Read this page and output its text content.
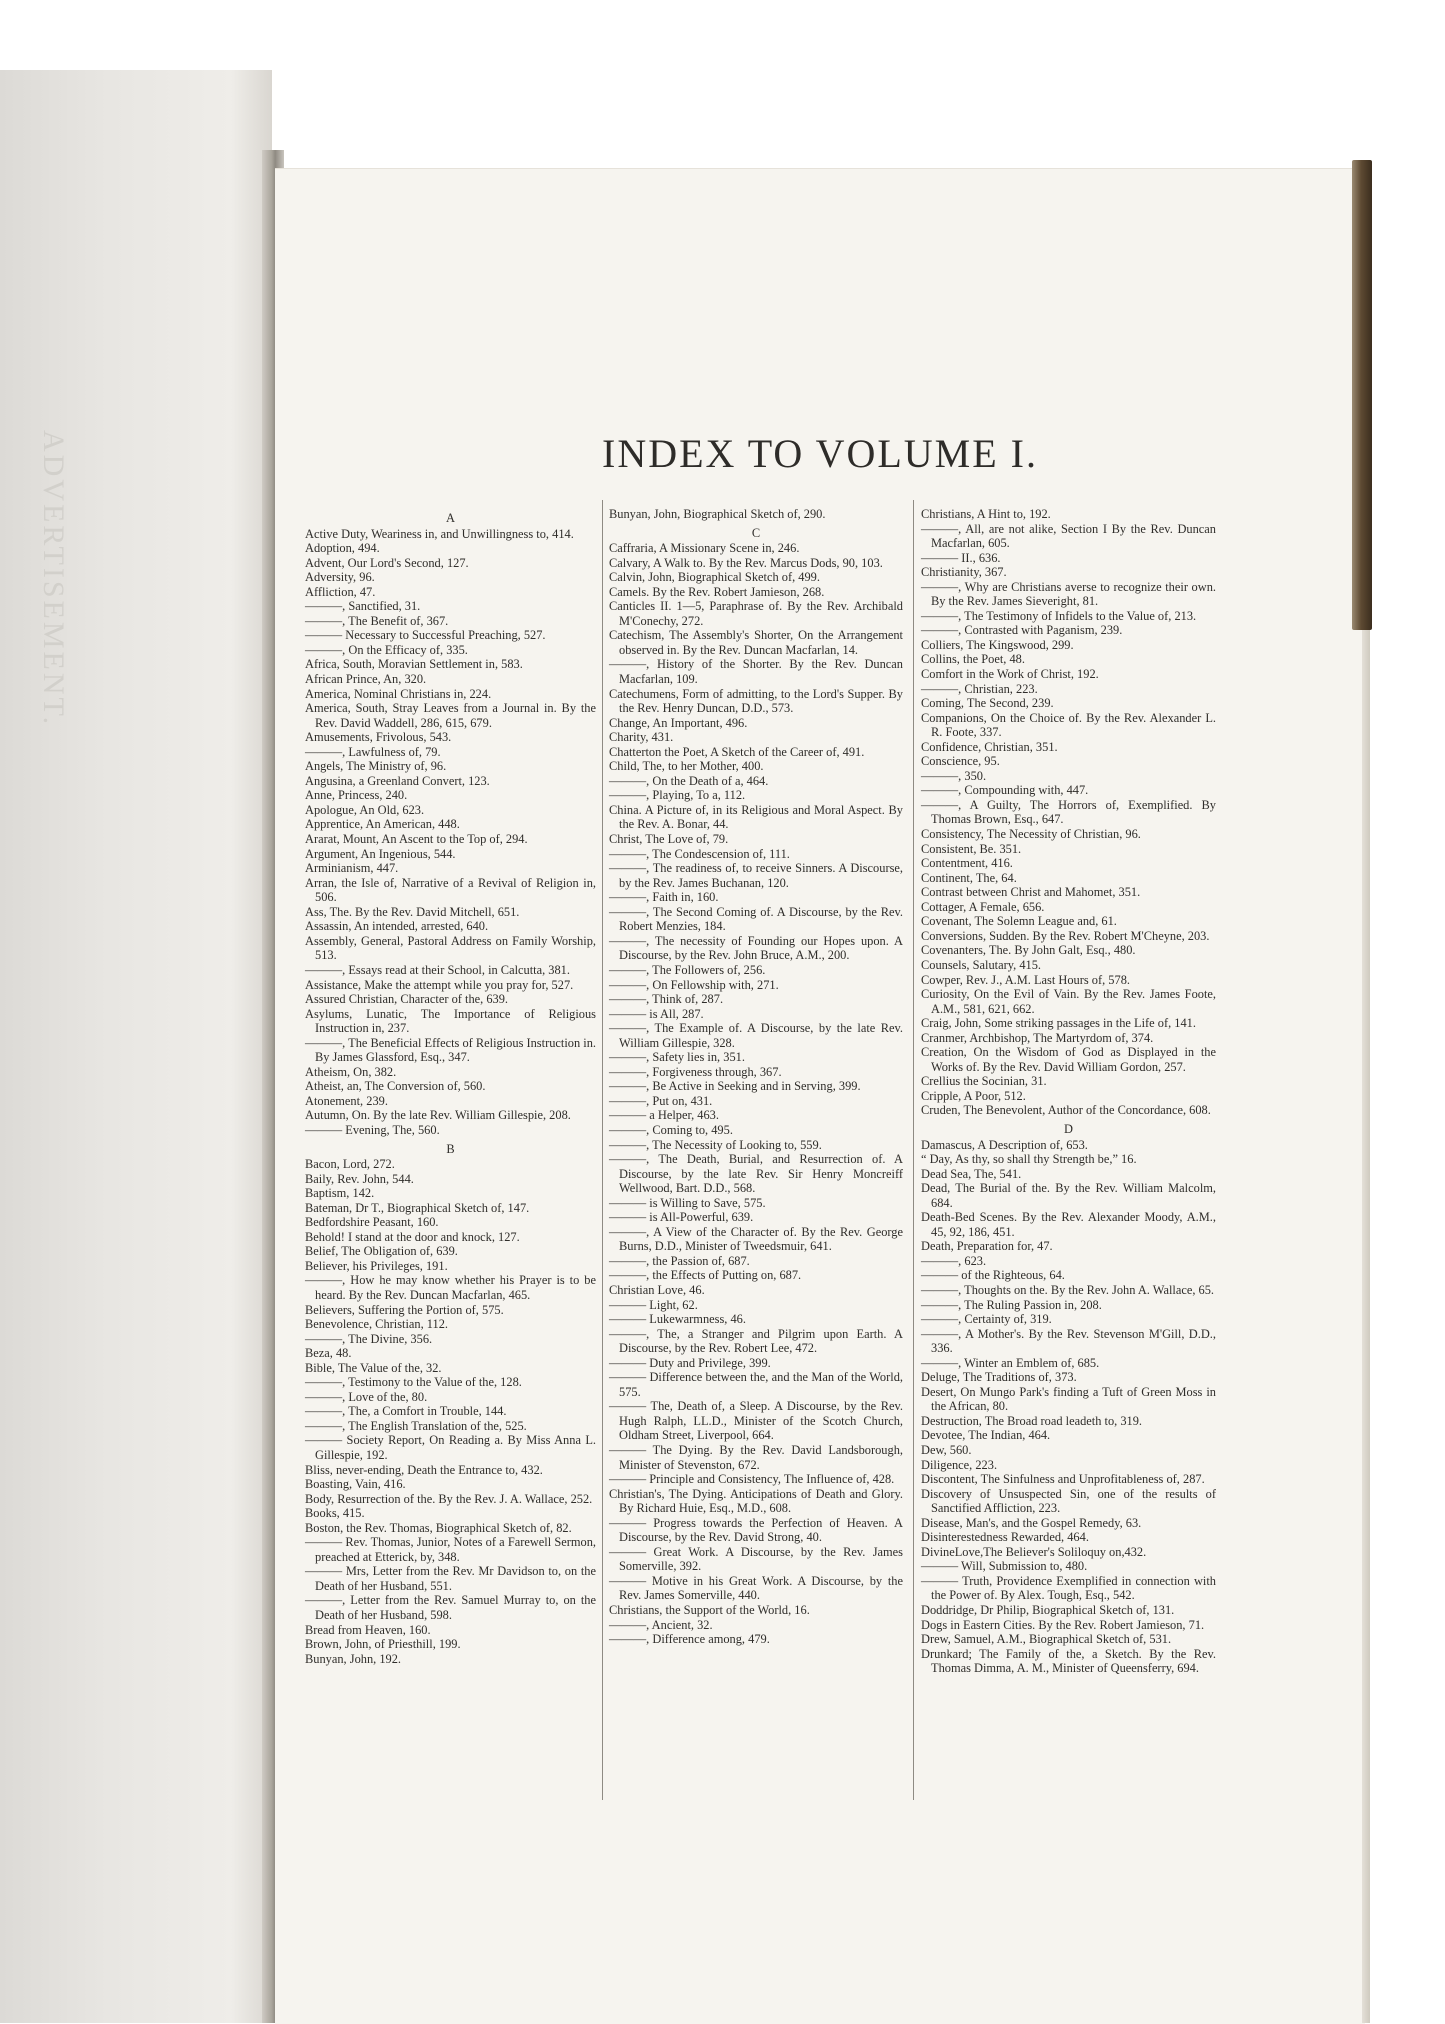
ADVERTISEMENT.	INDEX TO VOLUME I.

A

Active Duty, Weariness in, and Unwillingness to, 414.

Adoption, 494.

Advent, Our Lord's Second, 127.

Adversity, 96.

Affliction, 47.

———, Sanctified, 31.

———, The Benefit of, 367.

——— Necessary to Successful Preaching, 527.

———, On the Efficacy of, 335.

Africa, South, Moravian Settlement in, 583.

African Prince, An, 320.

America, Nominal Christians in, 224.

America, South, Stray Leaves from a Journal in. By the Rev. David Waddell, 286, 615, 679.

Amusements, Frivolous, 543.

———, Lawfulness of, 79.

Angels, The Ministry of, 96.

Angusina, a Greenland Convert, 123.

Anne, Princess, 240.

Apologue, An Old, 623.

Apprentice, An American, 448.

Ararat, Mount, An Ascent to the Top of, 294.

Argument, An Ingenious, 544.

Arminianism, 447.

Arran, the Isle of, Narrative of a Revival of Religion in, 506.

Ass, The. By the Rev. David Mitchell, 651.

Assassin, An intended, arrested, 640.

Assembly, General, Pastoral Address on Family Worship, 513.

———, Essays read at their School, in Calcutta, 381.

Assistance, Make the attempt while you pray for, 527.

Assured Christian, Character of the, 639.

Asylums, Lunatic, The Importance of Religious Instruction in, 237.

———, The Beneficial Effects of Religious Instruction in. By James Glassford, Esq., 347.

Atheism, On, 382.

Atheist, an, The Conversion of, 560.

Atonement, 239.

Autumn, On. By the late Rev. William Gillespie, 208.

——— Evening, The, 560.

B

Bacon, Lord, 272.

Baily, Rev. John, 544.

Baptism, 142.

Bateman, Dr T., Biographical Sketch of, 147.

Bedfordshire Peasant, 160.

Behold! I stand at the door and knock, 127.

Belief, The Obligation of, 639.

Believer, his Privileges, 191.

———, How he may know whether his Prayer is to be heard. By the Rev. Duncan Macfarlan, 465.

Believers, Suffering the Portion of, 575.

Benevolence, Christian, 112.

———, The Divine, 356.

Beza, 48.

Bible, The Value of the, 32.

———, Testimony to the Value of the, 128.

———, Love of the, 80.

———, The, a Comfort in Trouble, 144.

———, The English Translation of the, 525.

——— Society Report, On Reading a. By Miss Anna L. Gillespie, 192.

Bliss, never-ending, Death the Entrance to, 432.

Boasting, Vain, 416.

Body, Resurrection of the. By the Rev. J. A. Wallace, 252.

Books, 415.

Boston, the Rev. Thomas, Biographical Sketch of, 82.

——— Rev. Thomas, Junior, Notes of a Farewell Sermon, preached at Etterick, by, 348.

——— Mrs, Letter from the Rev. Mr Davidson to, on the Death of her Husband, 551.

———, Letter from the Rev. Samuel Murray to, on the Death of her Husband, 598.

Bread from Heaven, 160.

Brown, John, of Priesthill, 199.

Bunyan, John, 192.

Bunyan, John, Biographical Sketch of, 290.

C

Caffraria, A Missionary Scene in, 246.

Calvary, A Walk to. By the Rev. Marcus Dods, 90, 103.

Calvin, John, Biographical Sketch of, 499.

Camels. By the Rev. Robert Jamieson, 268.

Canticles II. 1—5, Paraphrase of. By the Rev. Archibald M'Conechy, 272.

Catechism, The Assembly's Shorter, On the Arrangement observed in. By the Rev. Duncan Macfarlan, 14.

———, History of the Shorter. By the Rev. Duncan Macfarlan, 109.

Catechumens, Form of admitting, to the Lord's Supper. By the Rev. Henry Duncan, D.D., 573.

Change, An Important, 496.

Charity, 431.

Chatterton the Poet, A Sketch of the Career of, 491.

Child, The, to her Mother, 400.

———, On the Death of a, 464.

———, Playing, To a, 112.

China. A Picture of, in its Religious and Moral Aspect. By the Rev. A. Bonar, 44.

Christ, The Love of, 79.

———, The Condescension of, 111.

———, The readiness of, to receive Sinners. A Discourse, by the Rev. James Buchanan, 120.

———, Faith in, 160.

———, The Second Coming of. A Discourse, by the Rev. Robert Menzies, 184.

———, The necessity of Founding our Hopes upon. A Discourse, by the Rev. John Bruce, A.M., 200.

———, The Followers of, 256.

———, On Fellowship with, 271.

———, Think of, 287.

——— is All, 287.

———, The Example of. A Discourse, by the late Rev. William Gillespie, 328.

———, Safety lies in, 351.

———, Forgiveness through, 367.

———, Be Active in Seeking and in Serving, 399.

———, Put on, 431.

——— a Helper, 463.

———, Coming to, 495.

———, The Necessity of Looking to, 559.

———, The Death, Burial, and Resurrection of. A Discourse, by the late Rev. Sir Henry Moncreiff Wellwood, Bart. D.D., 568.

——— is Willing to Save, 575.

——— is All-Powerful, 639.

———, A View of the Character of. By the Rev. George Burns, D.D., Minister of Tweedsmuir, 641.

———, the Passion of, 687.

———, the Effects of Putting on, 687.

Christian Love, 46.

——— Light, 62.

——— Lukewarmness, 46.

———, The, a Stranger and Pilgrim upon Earth. A Discourse, by the Rev. Robert Lee, 472.

——— Duty and Privilege, 399.

——— Difference between the, and the Man of the World, 575.

——— The, Death of, a Sleep. A Discourse, by the Rev. Hugh Ralph, LL.D., Minister of the Scotch Church, Oldham Street, Liverpool, 664.

——— The Dying. By the Rev. David Landsborough, Minister of Stevenston, 672.

——— Principle and Consistency, The Influence of, 428.

Christian's, The Dying. Anticipations of Death and Glory. By Richard Huie, Esq., M.D., 608.

——— Progress towards the Perfection of Heaven. A Discourse, by the Rev. David Strong, 40.

——— Great Work. A Discourse, by the Rev. James Somerville, 392.

——— Motive in his Great Work. A Discourse, by the Rev. James Somerville, 440.

Christians, the Support of the World, 16.

———, Ancient, 32.

———, Difference among, 479.

Christians, A Hint to, 192.

———, All, are not alike, Section I By the Rev. Duncan Macfarlan, 605.

——— II., 636.

Christianity, 367.

———, Why are Christians averse to recognize their own. By the Rev. James Sieveright, 81.

———, The Testimony of Infidels to the Value of, 213.

———, Contrasted with Paganism, 239.

Colliers, The Kingswood, 299.

Collins, the Poet, 48.

Comfort in the Work of Christ, 192.

———, Christian, 223.

Coming, The Second, 239.

Companions, On the Choice of. By the Rev. Alexander L. R. Foote, 337.

Confidence, Christian, 351.

Conscience, 95.

———, 350.

———, Compounding with, 447.

———, A Guilty, The Horrors of, Exemplified. By Thomas Brown, Esq., 647.

Consistency, The Necessity of Christian, 96.

Consistent, Be. 351.

Contentment, 416.

Continent, The, 64.

Contrast between Christ and Mahomet, 351.

Cottager, A Female, 656.

Covenant, The Solemn League and, 61.

Conversions, Sudden. By the Rev. Robert M'Cheyne, 203.

Covenanters, The. By John Galt, Esq., 480.

Counsels, Salutary, 415.

Cowper, Rev. J., A.M. Last Hours of, 578.

Curiosity, On the Evil of Vain. By the Rev. James Foote, A.M., 581, 621, 662.

Craig, John, Some striking passages in the Life of, 141.

Cranmer, Archbishop, The Martyrdom of, 374.

Creation, On the Wisdom of God as Displayed in the Works of. By the Rev. David William Gordon, 257.

Crellius the Socinian, 31.

Cripple, A Poor, 512.

Cruden, The Benevolent, Author of the Concordance, 608.

D

Damascus, A Description of, 653.

“ Day, As thy, so shall thy Strength be,” 16.

Dead Sea, The, 541.

Dead, The Burial of the. By the Rev. William Malcolm, 684.

Death-Bed Scenes. By the Rev. Alexander Moody, A.M., 45, 92, 186, 451.

Death, Preparation for, 47.

———, 623.

——— of the Righteous, 64.

———, Thoughts on the. By the Rev. John A. Wallace, 65.

———, The Ruling Passion in, 208.

———, Certainty of, 319.

———, A Mother's. By the Rev. Stevenson M'Gill, D.D., 336.

———, Winter an Emblem of, 685.

Deluge, The Traditions of, 373.

Desert, On Mungo Park's finding a Tuft of Green Moss in the African, 80.

Destruction, The Broad road leadeth to, 319.

Devotee, The Indian, 464.

Dew, 560.

Diligence, 223.

Discontent, The Sinfulness and Unprofitableness of, 287.

Discovery of Unsuspected Sin, one of the results of Sanctified Affliction, 223.

Disease, Man's, and the Gospel Remedy, 63.

Disinterestedness Rewarded, 464.

DivineLove,The Believer's Soliloquy on,432.

——— Will, Submission to, 480.

——— Truth, Providence Exemplified in connection with the Power of. By Alex. Tough, Esq., 542.

Doddridge, Dr Philip, Biographical Sketch of, 131.

Dogs in Eastern Cities. By the Rev. Robert Jamieson, 71.

Drew, Samuel, A.M., Biographical Sketch of, 531.

Drunkard; The Family of the, a Sketch. By the Rev. Thomas Dimma, A. M., Minister of Queensferry, 694.
